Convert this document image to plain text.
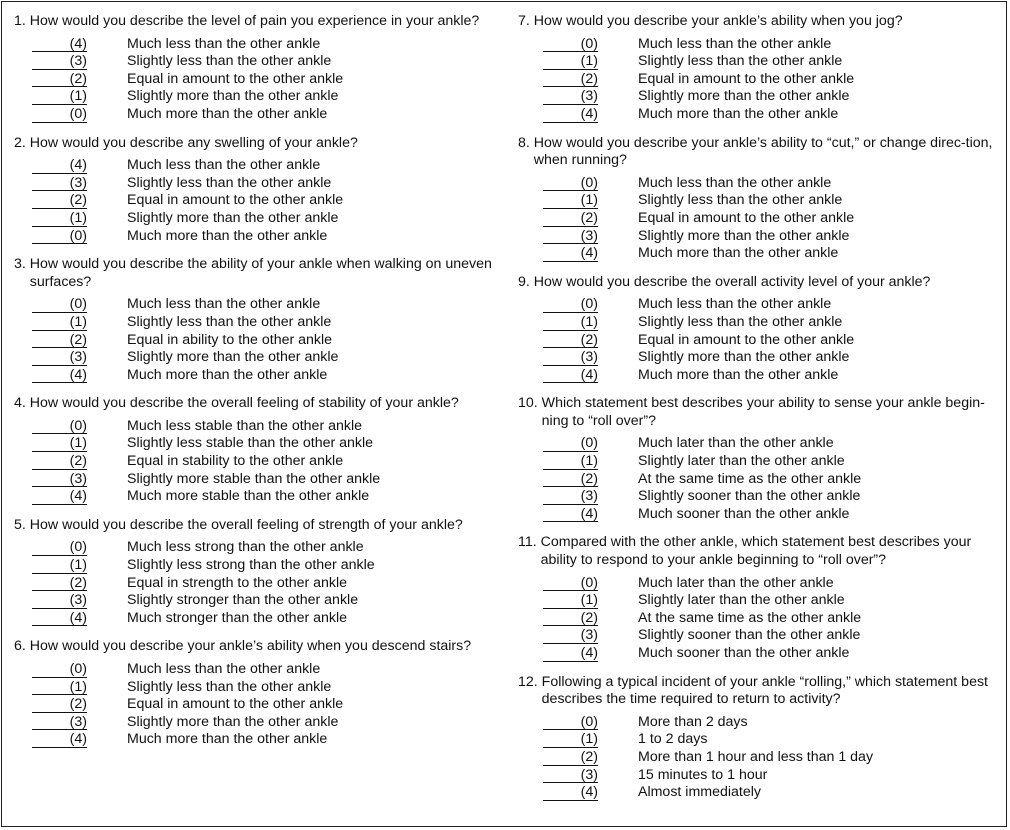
1. How would you describe the level of pain you experience in your ankle?
(4)	Much less than the other ankle
(3)	Slightly less than the other ankle
(2)	Equal in amount to the other ankle
(1)	Slightly more than the other ankle
(0)	Much more than the other ankle
2. How would you describe any swelling of your ankle?
(4)	Much less than the other ankle
(3)	Slightly less than the other ankle
(2)	Equal in amount to the other ankle
(1)	Slightly more than the other ankle
(0)	Much more than the other ankle
3. How would you describe the ability of your ankle when walking on uneven surfaces?
(0)	Much less than the other ankle
(1)	Slightly less than the other ankle
(2)	Equal in ability to the other ankle
(3)	Slightly more than the other ankle
(4)	Much more than the other ankle
4. How would you describe the overall feeling of stability of your ankle?
(0)	Much less stable than the other ankle
(1)	Slightly less stable than the other ankle
(2)	Equal in stability to the other ankle
(3)	Slightly more stable than the other ankle
(4)	Much more stable than the other ankle
5. How would you describe the overall feeling of strength of your ankle?
(0)	Much less strong than the other ankle
(1)	Slightly less strong than the other ankle
(2)	Equal in strength to the other ankle
(3)	Slightly stronger than the other ankle
(4)	Much stronger than the other ankle
6. How would you describe your ankle’s ability when you descend stairs?
(0)	Much less than the other ankle
(1)	Slightly less than the other ankle
(2)	Equal in amount to the other ankle
(3)	Slightly more than the other ankle
(4)	Much more than the other ankle
7. How would you describe your ankle’s ability when you jog?
(0)	Much less than the other ankle
(1)	Slightly less than the other ankle
(2)	Equal in amount to the other ankle
(3)	Slightly more than the other ankle
(4)	Much more than the other ankle
8. How would you describe your ankle’s ability to “cut,” or change direc-tion, when running?
(0)	Much less than the other ankle
(1)	Slightly less than the other ankle
(2)	Equal in amount to the other ankle
(3)	Slightly more than the other ankle
(4)	Much more than the other ankle
9. How would you describe the overall activity level of your ankle?
(0)	Much less than the other ankle
(1)	Slightly less than the other ankle
(2)	Equal in amount to the other ankle
(3)	Slightly more than the other ankle
(4)	Much more than the other ankle
10. Which statement best describes your ability to sense your ankle begin-ning to “roll over”?
(0)	Much later than the other ankle
(1)	Slightly later than the other ankle
(2)	At the same time as the other ankle
(3)	Slightly sooner than the other ankle
(4)	Much sooner than the other ankle
11. Compared with the other ankle, which statement best describes your ability to respond to your ankle beginning to “roll over”?
(0)	Much later than the other ankle
(1)	Slightly later than the other ankle
(2)	At the same time as the other ankle
(3)	Slightly sooner than the other ankle
(4)	Much sooner than the other ankle
12. Following a typical incident of your ankle “rolling,” which statement best describes the time required to return to activity?
(0)	More than 2 days
(1)	1 to 2 days
(2)	More than 1 hour and less than 1 day
(3)	15 minutes to 1 hour
(4)	Almost immediately
